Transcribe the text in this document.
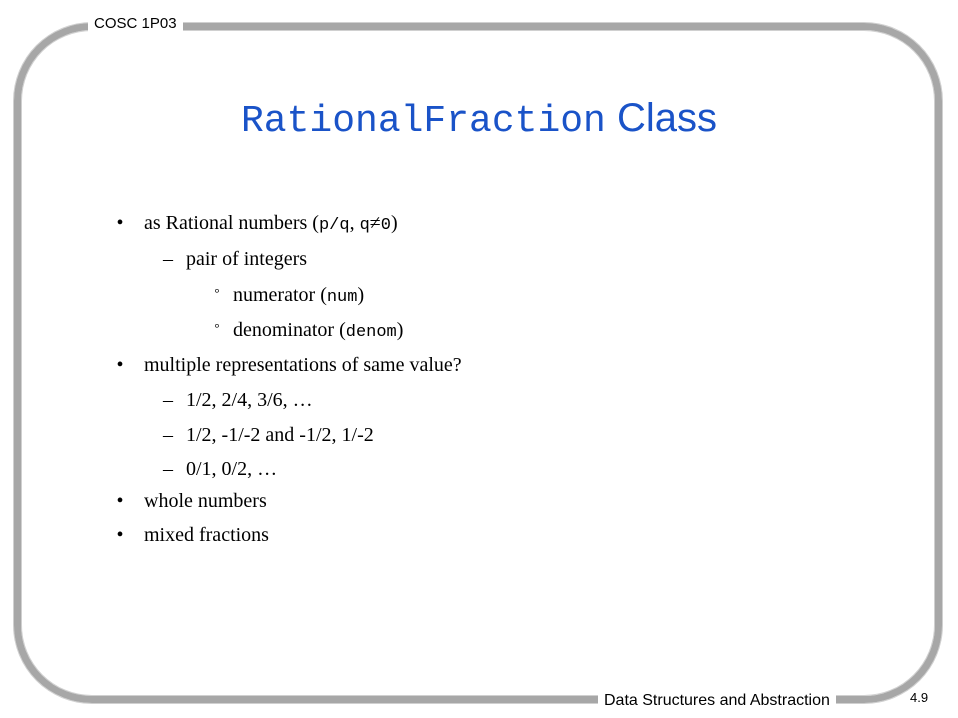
COSC 1P03
Data Structures and Abstraction	4.9
RationalFraction Class
•	as Rational numbers (p/q, q≠0)
– pair of integers
° numerator (num)
° denominator (denom)
•	multiple representations of same value?
– 1/2, 2/4, 3/6, …
– 1/2, -1/-2 and -1/2, 1/-2
– 0/1, 0/2, …
•	whole numbers
•	mixed fractions
